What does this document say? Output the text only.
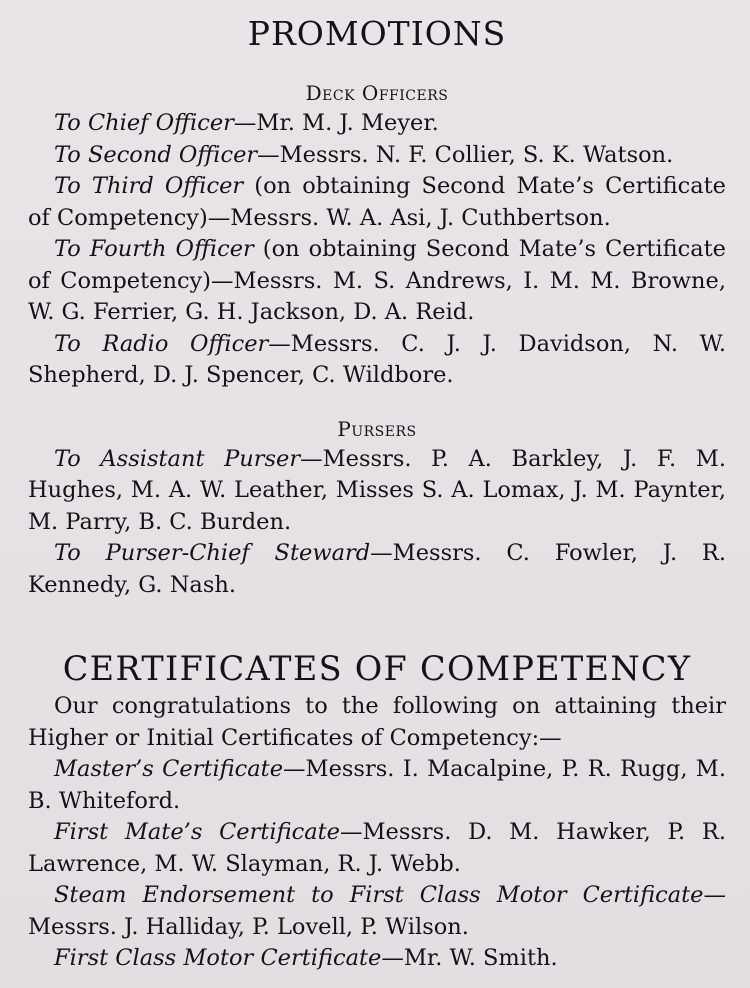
PROMOTIONS
Deck Officers

To Chief Officer—Mr. M. J. Meyer.

To Second Officer—Messrs. N. F. Collier, S. K. Watson.

To Third Officer (on obtaining Second Mate’s Certificate of Competency)—Messrs. W. A. Asi, J. Cuthbertson.

To Fourth Officer (on obtaining Second Mate’s Certificate of Competency)—Messrs. M. S. Andrews, I. M. M. Browne, W. G. Ferrier, G. H. Jackson, D. A. Reid.

To Radio Officer—Messrs. C. J. J. Davidson, N. W. Shepherd, D. J. Spencer, C. Wildbore.

Pursers

To Assistant Purser—Messrs. P. A. Barkley, J. F. M. Hughes, M. A. W. Leather, Misses S. A. Lomax, J. M. Paynter, M. Parry, B. C. Burden.

To Purser-Chief Steward—Messrs. C. Fowler, J. R. Kennedy, G. Nash.

CERTIFICATES OF COMPETENCY

Our congratulations to the following on attaining their Higher or Initial Certificates of Competency:—

Master’s Certificate—Messrs. I. Macalpine, P. R. Rugg, M. B. Whiteford.

First Mate’s Certificate—Messrs. D. M. Hawker, P. R. Lawrence, M. W. Slayman, R. J. Webb.

Steam Endorsement to First Class Motor Certificate— Messrs. J. Halliday, P. Lovell, P. Wilson.

First Class Motor Certificate—Mr. W. Smith.
